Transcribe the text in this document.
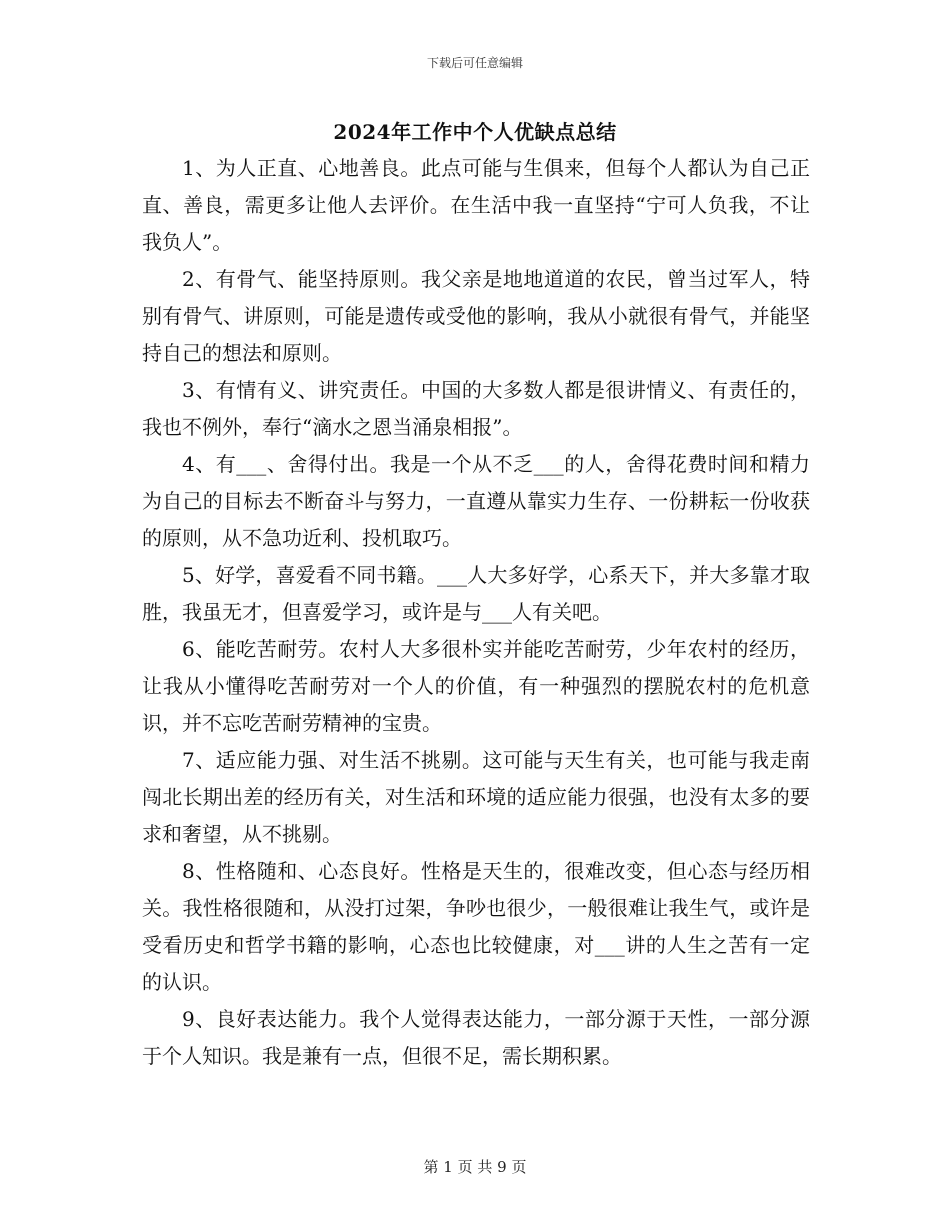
下载后可任意编辑
2024年工作中个人优缺点总结

1、为人正直、心地善良。此点可能与生俱来，但每个人都认为自己正直、善良，需更多让他人去评价。在生活中我一直坚持“宁可人负我，不让我负人”。

2、有骨气、能坚持原则。我父亲是地地道道的农民，曾当过军人，特别有骨气、讲原则，可能是遗传或受他的影响，我从小就很有骨气，并能坚持自己的想法和原则。

3、有情有义、讲究责任。中国的大多数人都是很讲情义、有责任的，我也不例外，奉行“滴水之恩当涌泉相报”。

4、有___、舍得付出。我是一个从不乏___的人，舍得花费时间和精力为自己的目标去不断奋斗与努力，一直遵从靠实力生存、一份耕耘一份收获的原则，从不急功近利、投机取巧。

5、好学，喜爱看不同书籍。___人大多好学，心系天下，并大多靠才取胜，我虽无才，但喜爱学习，或许是与___人有关吧。

6、能吃苦耐劳。农村人大多很朴实并能吃苦耐劳，少年农村的经历，让我从小懂得吃苦耐劳对一个人的价值，有一种强烈的摆脱农村的危机意识，并不忘吃苦耐劳精神的宝贵。

7、适应能力强、对生活不挑剔。这可能与天生有关，也可能与我走南闯北长期出差的经历有关，对生活和环境的适应能力很强，也没有太多的要求和奢望，从不挑剔。

8、性格随和、心态良好。性格是天生的，很难改变，但心态与经历相关。我性格很随和，从没打过架，争吵也很少，一般很难让我生气，或许是受看历史和哲学书籍的影响，心态也比较健康，对___讲的人生之苦有一定的认识。

9、良好表达能力。我个人觉得表达能力，一部分源于天性，一部分源于个人知识。我是兼有一点，但很不足，需长期积累。

第 1 页 共 9 页
